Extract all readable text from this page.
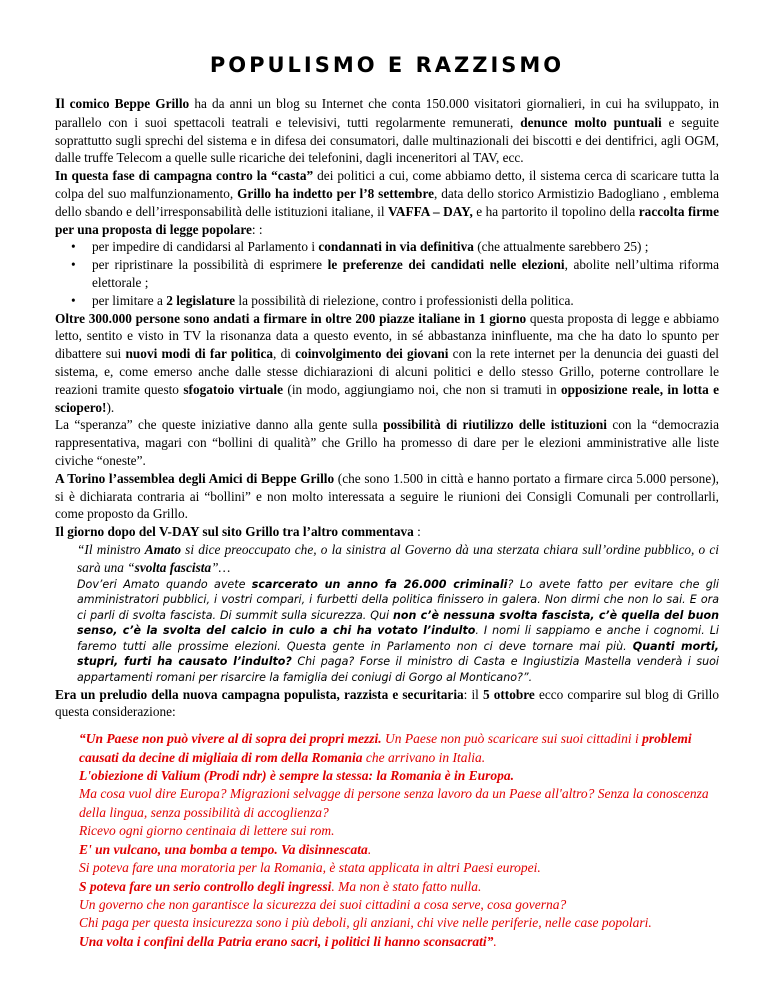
POPULISMO E RAZZISMO

Il comico Beppe Grillo ha da anni un blog su Internet che conta 150.000 visitatori giornalieri, in cui ha sviluppato, in parallelo con i suoi spettacoli teatrali e televisivi, tutti regolarmente remunerati, denunce molto puntuali e seguite soprattutto sugli sprechi del sistema e in difesa dei consumatori, dalle multinazionali dei biscotti e dei dentifrici, agli OGM, dalle truffe Telecom a quelle sulle ricariche dei telefonini, dagli inceneritori al TAV, ecc.

In questa fase di campagna contro la “casta” dei politici a cui, come abbiamo detto, il sistema cerca di scaricare tutta la colpa del suo malfunzionamento, Grillo ha indetto per l’8 settembre, data dello storico Armistizio Badogliano , emblema dello sbando e dell’irresponsabilità delle istituzioni italiane, il VAFFA – DAY, e ha partorito il topolino della raccolta firme per una proposta di legge popolare: :

• per impedire di candidarsi al Parlamento i condannati in via definitiva (che attualmente sarebbero 25) ;
• per ripristinare la possibilità di esprimere le preferenze dei candidati nelle elezioni, abolite nell’ultima riforma elettorale ;
• per limitare a 2 legislature la possibilità di rielezione, contro i professionisti della politica.

Oltre 300.000 persone sono andati a firmare in oltre 200 piazze italiane in 1 giorno questa proposta di legge e abbiamo letto, sentito e visto in TV la risonanza data a questo evento, in sé abbastanza ininfluente, ma che ha dato lo spunto per dibattere sui nuovi modi di far politica, di coinvolgimento dei giovani con la rete internet per la denuncia dei guasti del sistema, e, come emerso anche dalle stesse dichiarazioni di alcuni politici e dello stesso Grillo, poterne controllare le reazioni tramite questo sfogatoio virtuale (in modo, aggiungiamo noi, che non si tramuti in opposizione reale, in lotta e sciopero!).

La “speranza” che queste iniziative danno alla gente sulla possibilità di riutilizzo delle istituzioni con la “democrazia rappresentativa, magari con “bollini di qualità” che Grillo ha promesso di dare per le elezioni amministrative alle liste civiche “oneste”.

A Torino l’assemblea degli Amici di Beppe Grillo (che sono 1.500 in città e hanno portato a firmare circa 5.000 persone), si è dichiarata contraria ai “bollini” e non molto interessata a seguire le riunioni dei Consigli Comunali per controllarli, come proposto da Grillo.

Il giorno dopo del V-DAY sul sito Grillo tra l’altro commentava :

“Il ministro Amato si dice preoccupato che, o la sinistra al Governo dà una sterzata chiara sull’ordine pubblico, o ci sarà una “svolta fascista”…

Dov’eri Amato quando avete scarcerato un anno fa 26.000 criminali? Lo avete fatto per evitare che gli amministratori pubblici, i vostri compari, i furbetti della politica finissero in galera. Non dirmi che non lo sai. E ora ci parli di svolta fascista. Di summit sulla sicurezza. Qui non c’è nessuna svolta fascista, c’è quella del buon senso, c’è la svolta del calcio in culo a chi ha votato l’indulto. I nomi li sappiamo e anche i cognomi. Li faremo tutti alle prossime elezioni. Questa gente in Parlamento non ci deve tornare mai più. Quanti morti, stupri, furti ha causato l’indulto? Chi paga? Forse il ministro di Casta e Ingiustizia Mastella venderà i suoi appartamenti romani per risarcire la famiglia dei coniugi di Gorgo al Monticano?”.

Era un preludio della nuova campagna populista, razzista e securitaria: il 5 ottobre ecco comparire sul blog di Grillo questa considerazione:

“Un Paese non può vivere al di sopra dei propri mezzi. Un Paese non può scaricare sui suoi cittadini i problemi causati da decine di migliaia di rom della Romania che arrivano in Italia.

L'obiezione di Valium (Prodi ndr) è sempre la stessa: la Romania è in Europa.

Ma cosa vuol dire Europa? Migrazioni selvagge di persone senza lavoro da un Paese all'altro? Senza la conoscenza della lingua, senza possibilità di accoglienza?

Ricevo ogni giorno centinaia di lettere sui rom.

E' un vulcano, una bomba a tempo. Va disinnescata.

Si poteva fare una moratoria per la Romania, è stata applicata in altri Paesi europei.

S poteva fare un serio controllo degli ingressi. Ma non è stato fatto nulla.

Un governo che non garantisce la sicurezza dei suoi cittadini a cosa serve, cosa governa?

Chi paga per questa insicurezza sono i più deboli, gli anziani, chi vive nelle periferie, nelle case popolari.

Una volta i confini della Patria erano sacri, i politici li hanno sconsacrati”.
